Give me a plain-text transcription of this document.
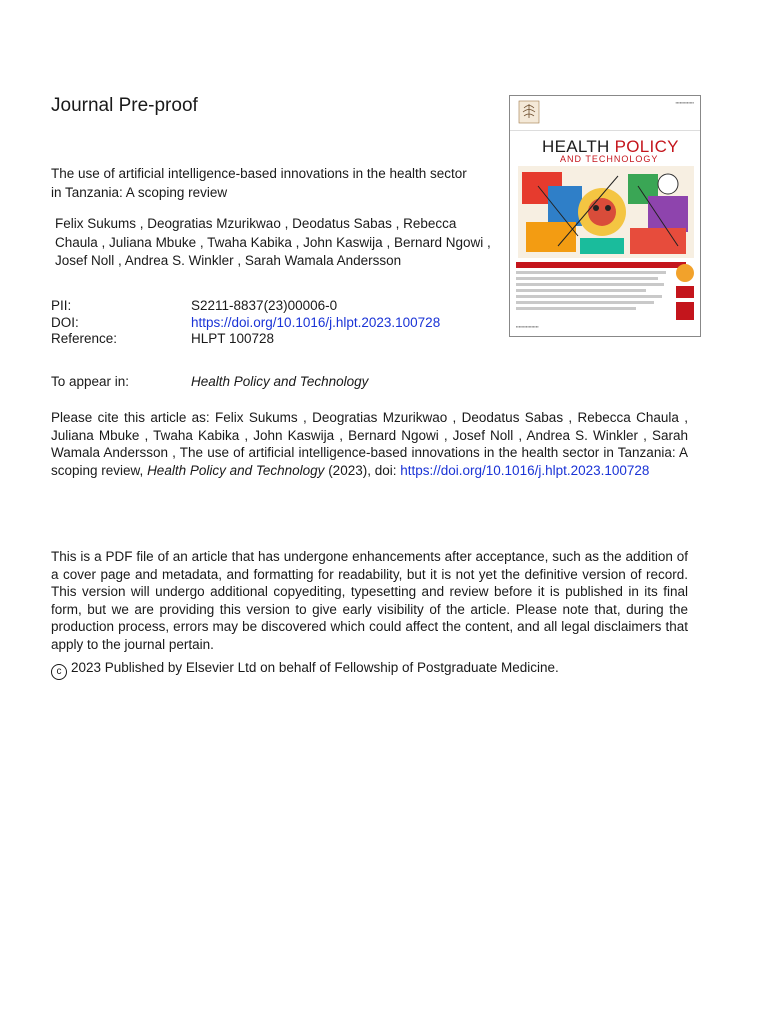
Journal Pre-proof
The use of artificial intelligence-based innovations in the health sector in Tanzania: A scoping review
Felix Sukums , Deogratias Mzurikwao , Deodatus Sabas , Rebecca Chaula , Juliana Mbuke , Twaha Kabika , John Kaswija , Bernard Ngowi , Josef Noll , Andrea S. Winkler , Sarah Wamala Andersson
PII:	S2211-8837(23)00006-0
DOI:	https://doi.org/10.1016/j.hlpt.2023.100728
Reference:	HLPT 100728
To appear in:	Health Policy and Technology
Please cite this article as: Felix Sukums , Deogratias Mzurikwao , Deodatus Sabas , Rebecca Chaula , Juliana Mbuke , Twaha Kabika , John Kaswija , Bernard Ngowi , Josef Noll , Andrea S. Winkler , Sarah Wamala Andersson , The use of artificial intelligence-based innovations in the health sector in Tanzania: A scoping review, Health Policy and Technology (2023), doi: https://doi.org/10.1016/j.hlpt.2023.100728
This is a PDF file of an article that has undergone enhancements after acceptance, such as the addition of a cover page and metadata, and formatting for readability, but it is not yet the definitive version of record. This version will undergo additional copyediting, typesetting and review before it is published in its final form, but we are providing this version to give early visibility of the article. Please note that, during the production process, errors may be discovered which could affect the content, and all legal disclaimers that apply to the journal pertain.
c 2023 Published by Elsevier Ltd on behalf of Fellowship of Postgraduate Medicine.
▪▪▪▪▪▪▪▪▪▪▪▪▪
HEALTH POLICY
AND TECHNOLOGY
▪▪▪▪▪▪▪▪▪▪▪▪▪▪▪▪
